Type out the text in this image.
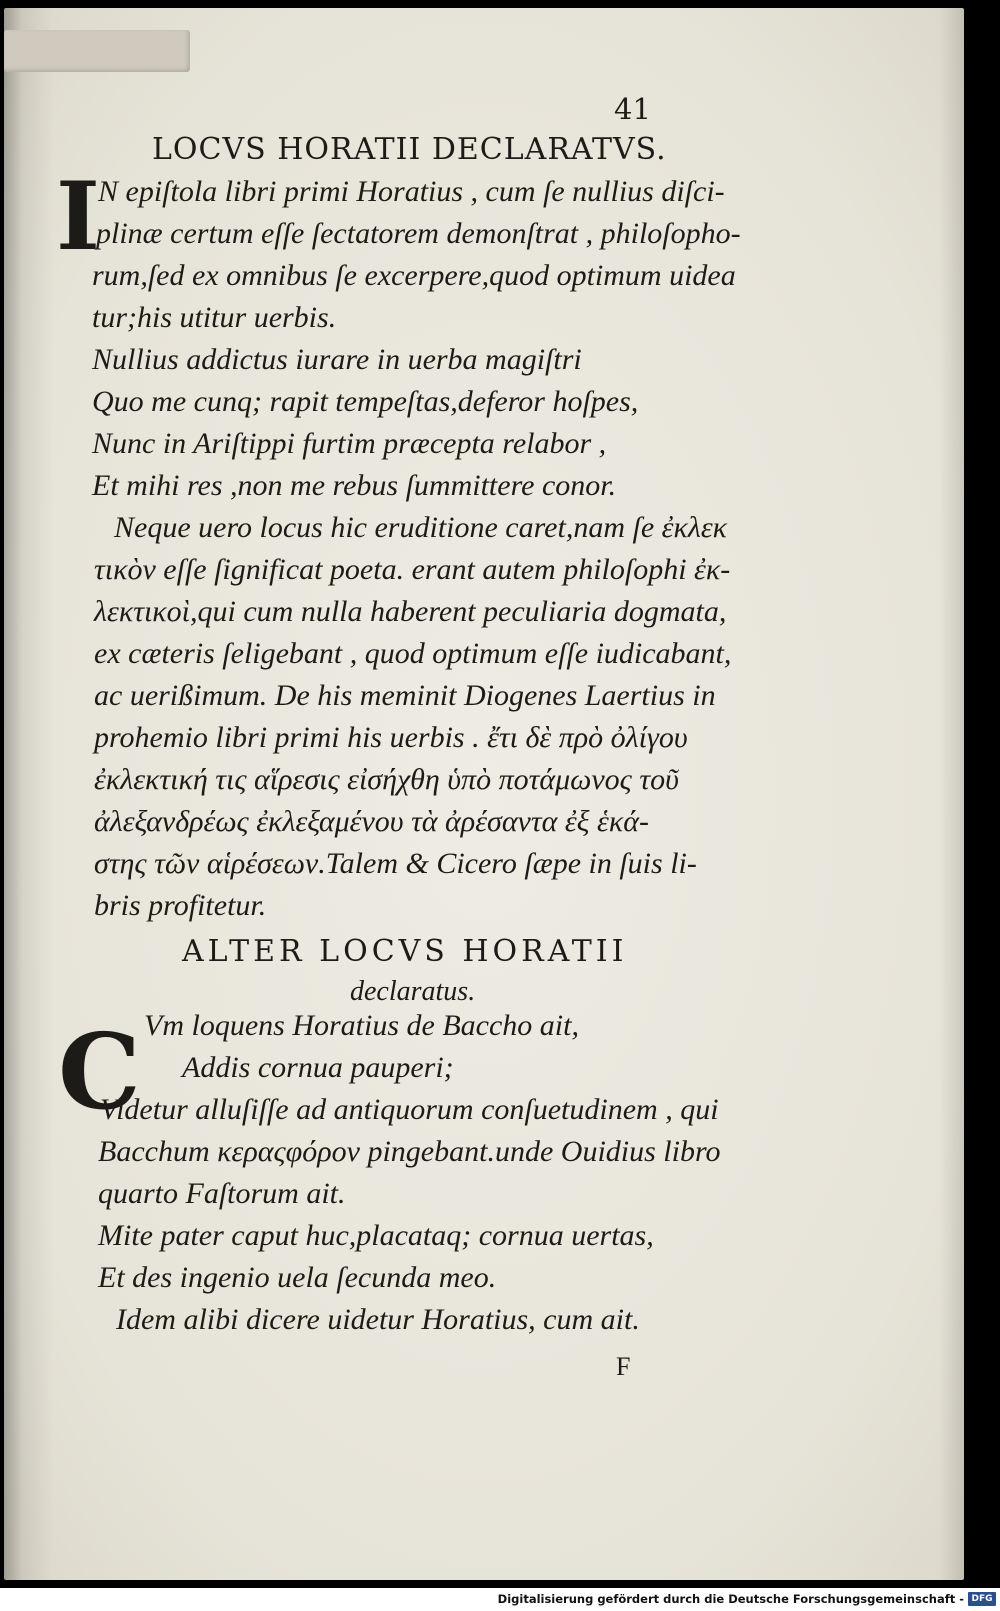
41

LOCVS HORATII DECLARATVS.
I

N epiſtola libri primi Horatius , cum ſe nullius diſci-

plinæ certum eſſe ſectatorem demonſtrat , philoſopho-

rum,ſed ex omnibus ſe excerpere,quod optimum uidea

tur;his utitur uerbis.

Nullius addictus iurare in uerba magiſtri

Quo me cunq; rapit tempeſtas,deferor hoſpes,

Nunc in Ariſtippi furtim præcepta relabor ,

Et mihi res ,non me rebus ſummittere conor.

Neque uero locus hic eruditione caret,nam ſe ἐκλεκ

τικὸν eſſe ſignificat poeta. erant autem philoſophi ἐκ-

λεκτικοὶ,qui cum nulla haberent peculiaria dogmata,

ex cæteris ſeligebant , quod optimum eſſe iudicabant,

ac uerißimum. De his meminit Diogenes Laertius in

prohemio libri primi his uerbis . ἔτι δὲ πρὸ ὀλίγου

ἐκλεκτική τις αἵρεσις εἰσήχθη ὑπὸ ποτάμωνος τοῦ

ἀλεξανδρέως ἐκλεξαμένου τὰ ἀρέσαντα ἐξ ἑκά-

στης τῶν αἱρέσεων.Talem & Cicero ſæpe in ſuis li-

bris profitetur.

ALTER LOCVS HORATII
declaratus.
C Vm loquens Horatius de Baccho ait,

Addis cornua pauperi;

Videtur alluſiſſe ad antiquorum conſuetudinem , qui

Bacchum κεραςφόρον pingebant.unde Ouidius libro

quarto Faſtorum ait.

Mite pater caput huc,placataq; cornua uertas,

Et des ingenio uela ſecunda meo.

Idem alibi dicere uidetur Horatius, cum ait.

F

Digitalisierung gefördert durch die Deutsche Forschungsgemeinschaft - DFG
